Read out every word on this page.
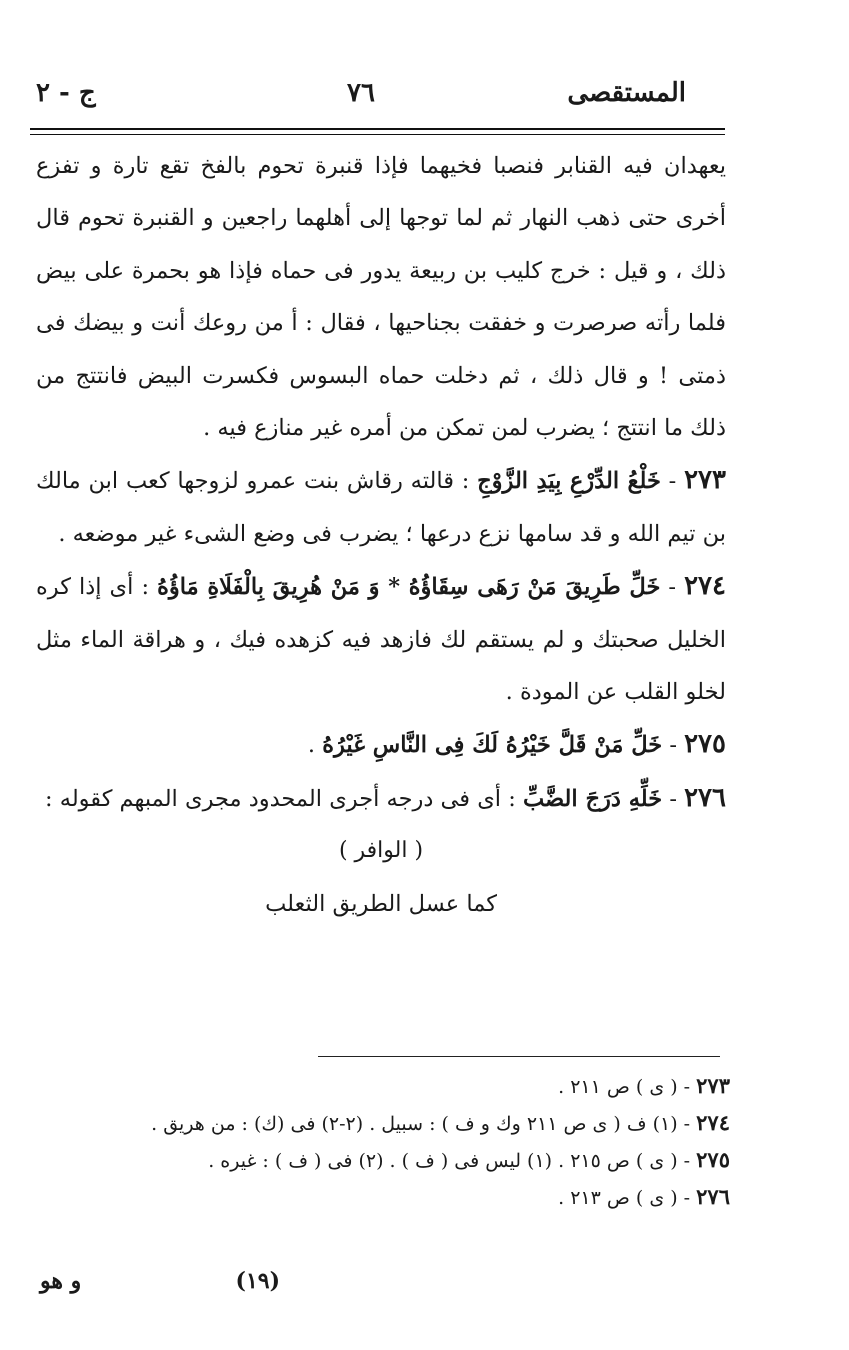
المستقصى
٧٦
ج - ٢

يعهدان فيه القنابر فنصبا فخيهما فإذا قنبرة تحوم بالفخ تقع تارة و تفزع أخرى حتى ذهب النهار ثم لما توجها إلى أهلهما راجعين و القنبرة تحوم قال ذلك ، و قيل : خرج كليب بن ربيعة يدور فى حماه فإذا هو بحمرة على بيض فلما رأته صرصرت و خفقت بجناحيها ، فقال : أ من روعك أنت و بيضك فى ذمتى ! و قال ذلك ، ثم دخلت حماه البسوس فكسرت البيض فانتتج من ذلك ما انتتج ؛ يضرب لمن تمكن من أمره غير منازع فيه .

٢٧٣ - خَلْعُ الدِّرْعِ بِيَدِ الزَّوْجِ : قالته رقاش بنت عمرو لزوجها كعب ابن مالك بن تيم الله و قد سامها نزع درعها ؛ يضرب فى وضع الشىء غير موضعه .

٢٧٤ - خَلِّ طَرِيقَ مَنْ رَهَى سِقَاؤُهُ * وَ مَنْ هُرِيقَ بِالْفَلَاةِ مَاؤُهُ : أى إذا كره الخليل صحبتك و لم يستقم لك فازهد فيه كزهده فيك ، و هراقة الماء مثل لخلو القلب عن المودة .

٢٧٥ - خَلِّ مَنْ قَلَّ خَيْرُهُ لَكَ فِى النَّاسِ غَيْرُهُ .

٢٧٦ - خَلِّهِ دَرَجَ الضَّبِّ : أى فى درجه أجرى المحدود مجرى المبهم كقوله :

( الوافر )

كما عسل الطريق الثعلب

٢٧٣ - ( ى ) ص ٢١١ .
٢٧٤ - (١) ف ( ى ص ٢١١ وك و ف ) : سبيل . (٢-٢) فى (ك) : من هريق .
٢٧٥ - ( ى ) ص ٢١٥ . (١) ليس فى ( ف ) . (٢) فى ( ف ) : غيره .
٢٧٦ - ( ى ) ص ٢١٣ .
(١٩)
و هو
